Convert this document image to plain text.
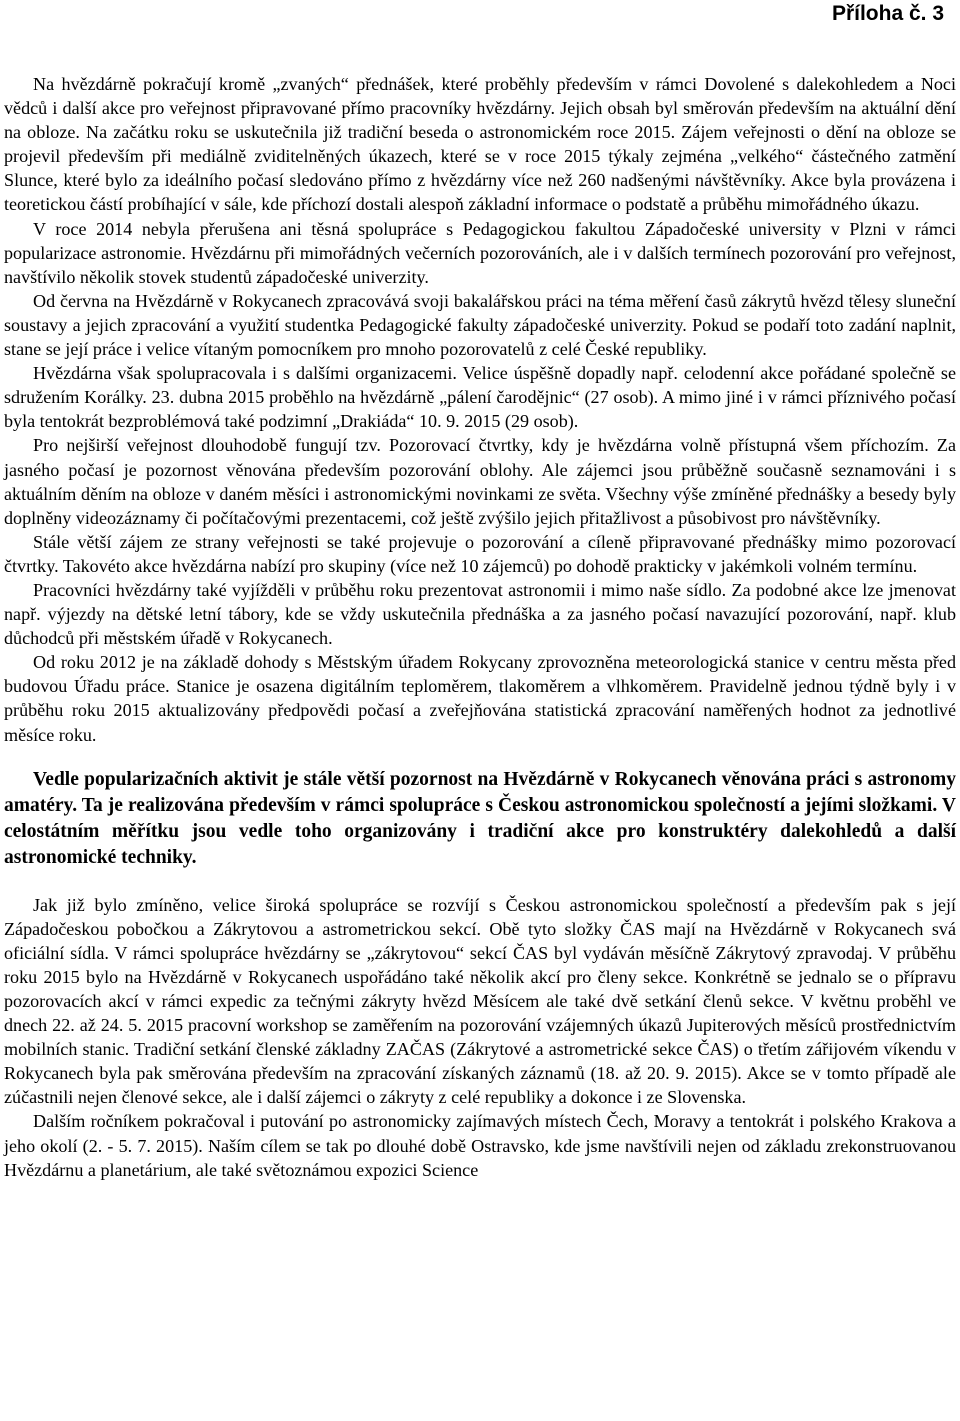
Příloha č. 3

Na hvězdárně pokračují kromě „zvaných“ přednášek, které proběhly především v rámci Dovolené s dalekohledem a Noci vědců i další akce pro veřejnost připravované přímo pracovníky hvězdárny. Jejich obsah byl směrován především na aktuální dění na obloze. Na začátku roku se uskutečnila již tradiční beseda o astronomickém roce 2015. Zájem veřejnosti o dění na obloze se projevil především při mediálně zviditelněných úkazech, které se v roce 2015 týkaly zejména „velkého“ částečného zatmění Slunce, které bylo za ideálního počasí sledováno přímo z hvězdárny více než 260 nadšenými návštěvníky. Akce byla provázena i teoretickou částí probíhající v sále, kde příchozí dostali alespoň základní informace o podstatě a průběhu mimořádného úkazu.

V roce 2014 nebyla přerušena ani těsná spolupráce s Pedagogickou fakultou Západočeské university v Plzni v rámci popularizace astronomie. Hvězdárnu při mimořádných večerních pozorováních, ale i v dalších termínech pozorování pro veřejnost, navštívilo několik stovek studentů západočeské univerzity.

Od června na Hvězdárně v Rokycanech zpracovává svoji bakalářskou práci na téma měření časů zákrytů hvězd tělesy sluneční soustavy a jejich zpracování a využití studentka Pedagogické fakulty západočeské univerzity. Pokud se podaří toto zadání naplnit, stane se její práce i velice vítaným pomocníkem pro mnoho pozorovatelů z celé České republiky.

Hvězdárna však spolupracovala i s dalšími organizacemi. Velice úspěšně dopadly např. celodenní akce pořádané společně se sdružením Korálky. 23. dubna 2015 proběhlo na hvězdárně „pálení čarodějnic“ (27 osob). A mimo jiné i v rámci příznivého počasí byla tentokrát bezproblémová také podzimní „Drakiáda“ 10. 9. 2015 (29 osob).

Pro nejširší veřejnost dlouhodobě fungují tzv. Pozorovací čtvrtky, kdy je hvězdárna volně přístupná všem příchozím. Za jasného počasí je pozornost věnována především pozorování oblohy. Ale zájemci jsou průběžně současně seznamováni i s aktuálním děním na obloze v daném měsíci i astronomickými novinkami ze světa. Všechny výše zmíněné přednášky a besedy byly doplněny videozáznamy či počítačovými prezentacemi, což ještě zvýšilo jejich přitažlivost a působivost pro návštěvníky.

Stále větší zájem ze strany veřejnosti se také projevuje o pozorování a cíleně připravované přednášky mimo pozorovací čtvrtky. Takovéto akce hvězdárna nabízí pro skupiny (více než 10 zájemců) po dohodě prakticky v jakémkoli volném termínu.

Pracovníci hvězdárny také vyjížděli v průběhu roku prezentovat astronomii i mimo naše sídlo. Za podobné akce lze jmenovat např. výjezdy na dětské letní tábory, kde se vždy uskutečnila přednáška a za jasného počasí navazující pozorování, např. klub důchodců při městském úřadě v Rokycanech.

Od roku 2012 je na základě dohody s Městským úřadem Rokycany zprovozněna meteorologická stanice v centru města před budovou Úřadu práce. Stanice je osazena digitálním teploměrem, tlakoměrem a vlhkoměrem. Pravidelně jednou týdně byly i v průběhu roku 2015 aktualizovány předpovědi počasí a zveřejňována statistická zpracování naměřených hodnot za jednotlivé měsíce roku.

Vedle popularizačních aktivit je stále větší pozornost na Hvězdárně v Rokycanech věnována práci s astronomy amatéry. Ta je realizována především v rámci spolupráce s Českou astronomickou společností a jejími složkami. V celostátním měřítku jsou vedle toho organizovány i tradiční akce pro konstruktéry dalekohledů a další astronomické techniky.

Jak již bylo zmíněno, velice široká spolupráce se rozvíjí s Českou astronomickou společností a především pak s její Západočeskou pobočkou a Zákrytovou a astrometrickou sekcí. Obě tyto složky ČAS mají na Hvězdárně v Rokycanech svá oficiální sídla. V rámci spolupráce hvězdárny se „zákrytovou“ sekcí ČAS byl vydáván měsíčně Zákrytový zpravodaj. V průběhu roku 2015 bylo na Hvězdárně v Rokycanech uspořádáno také několik akcí pro členy sekce. Konkrétně se jednalo se o přípravu pozorovacích akcí v rámci expedic za tečnými zákryty hvězd Měsícem ale také dvě setkání členů sekce. V květnu proběhl ve dnech 22. až 24. 5. 2015 pracovní workshop se zaměřením na pozorování vzájemných úkazů Jupiterových měsíců prostřednictvím mobilních stanic. Tradiční setkání členské základny ZAČAS (Zákrytové a astrometrické sekce ČAS) o třetím zářijovém víkendu v Rokycanech byla pak směrována především na zpracování získaných záznamů (18. až 20. 9. 2015). Akce se v tomto případě ale zúčastnili nejen členové sekce, ale i další zájemci o zákryty z celé republiky a dokonce i ze Slovenska.

Dalším ročníkem pokračoval i putování po astronomicky zajímavých místech Čech, Moravy a tentokrát i polského Krakova a jeho okolí (2. - 5. 7. 2015). Naším cílem se tak po dlouhé době Ostravsko, kde jsme navštívili nejen od základu zrekonstruovanou Hvězdárnu a planetárium, ale také světoznámou expozici Science
